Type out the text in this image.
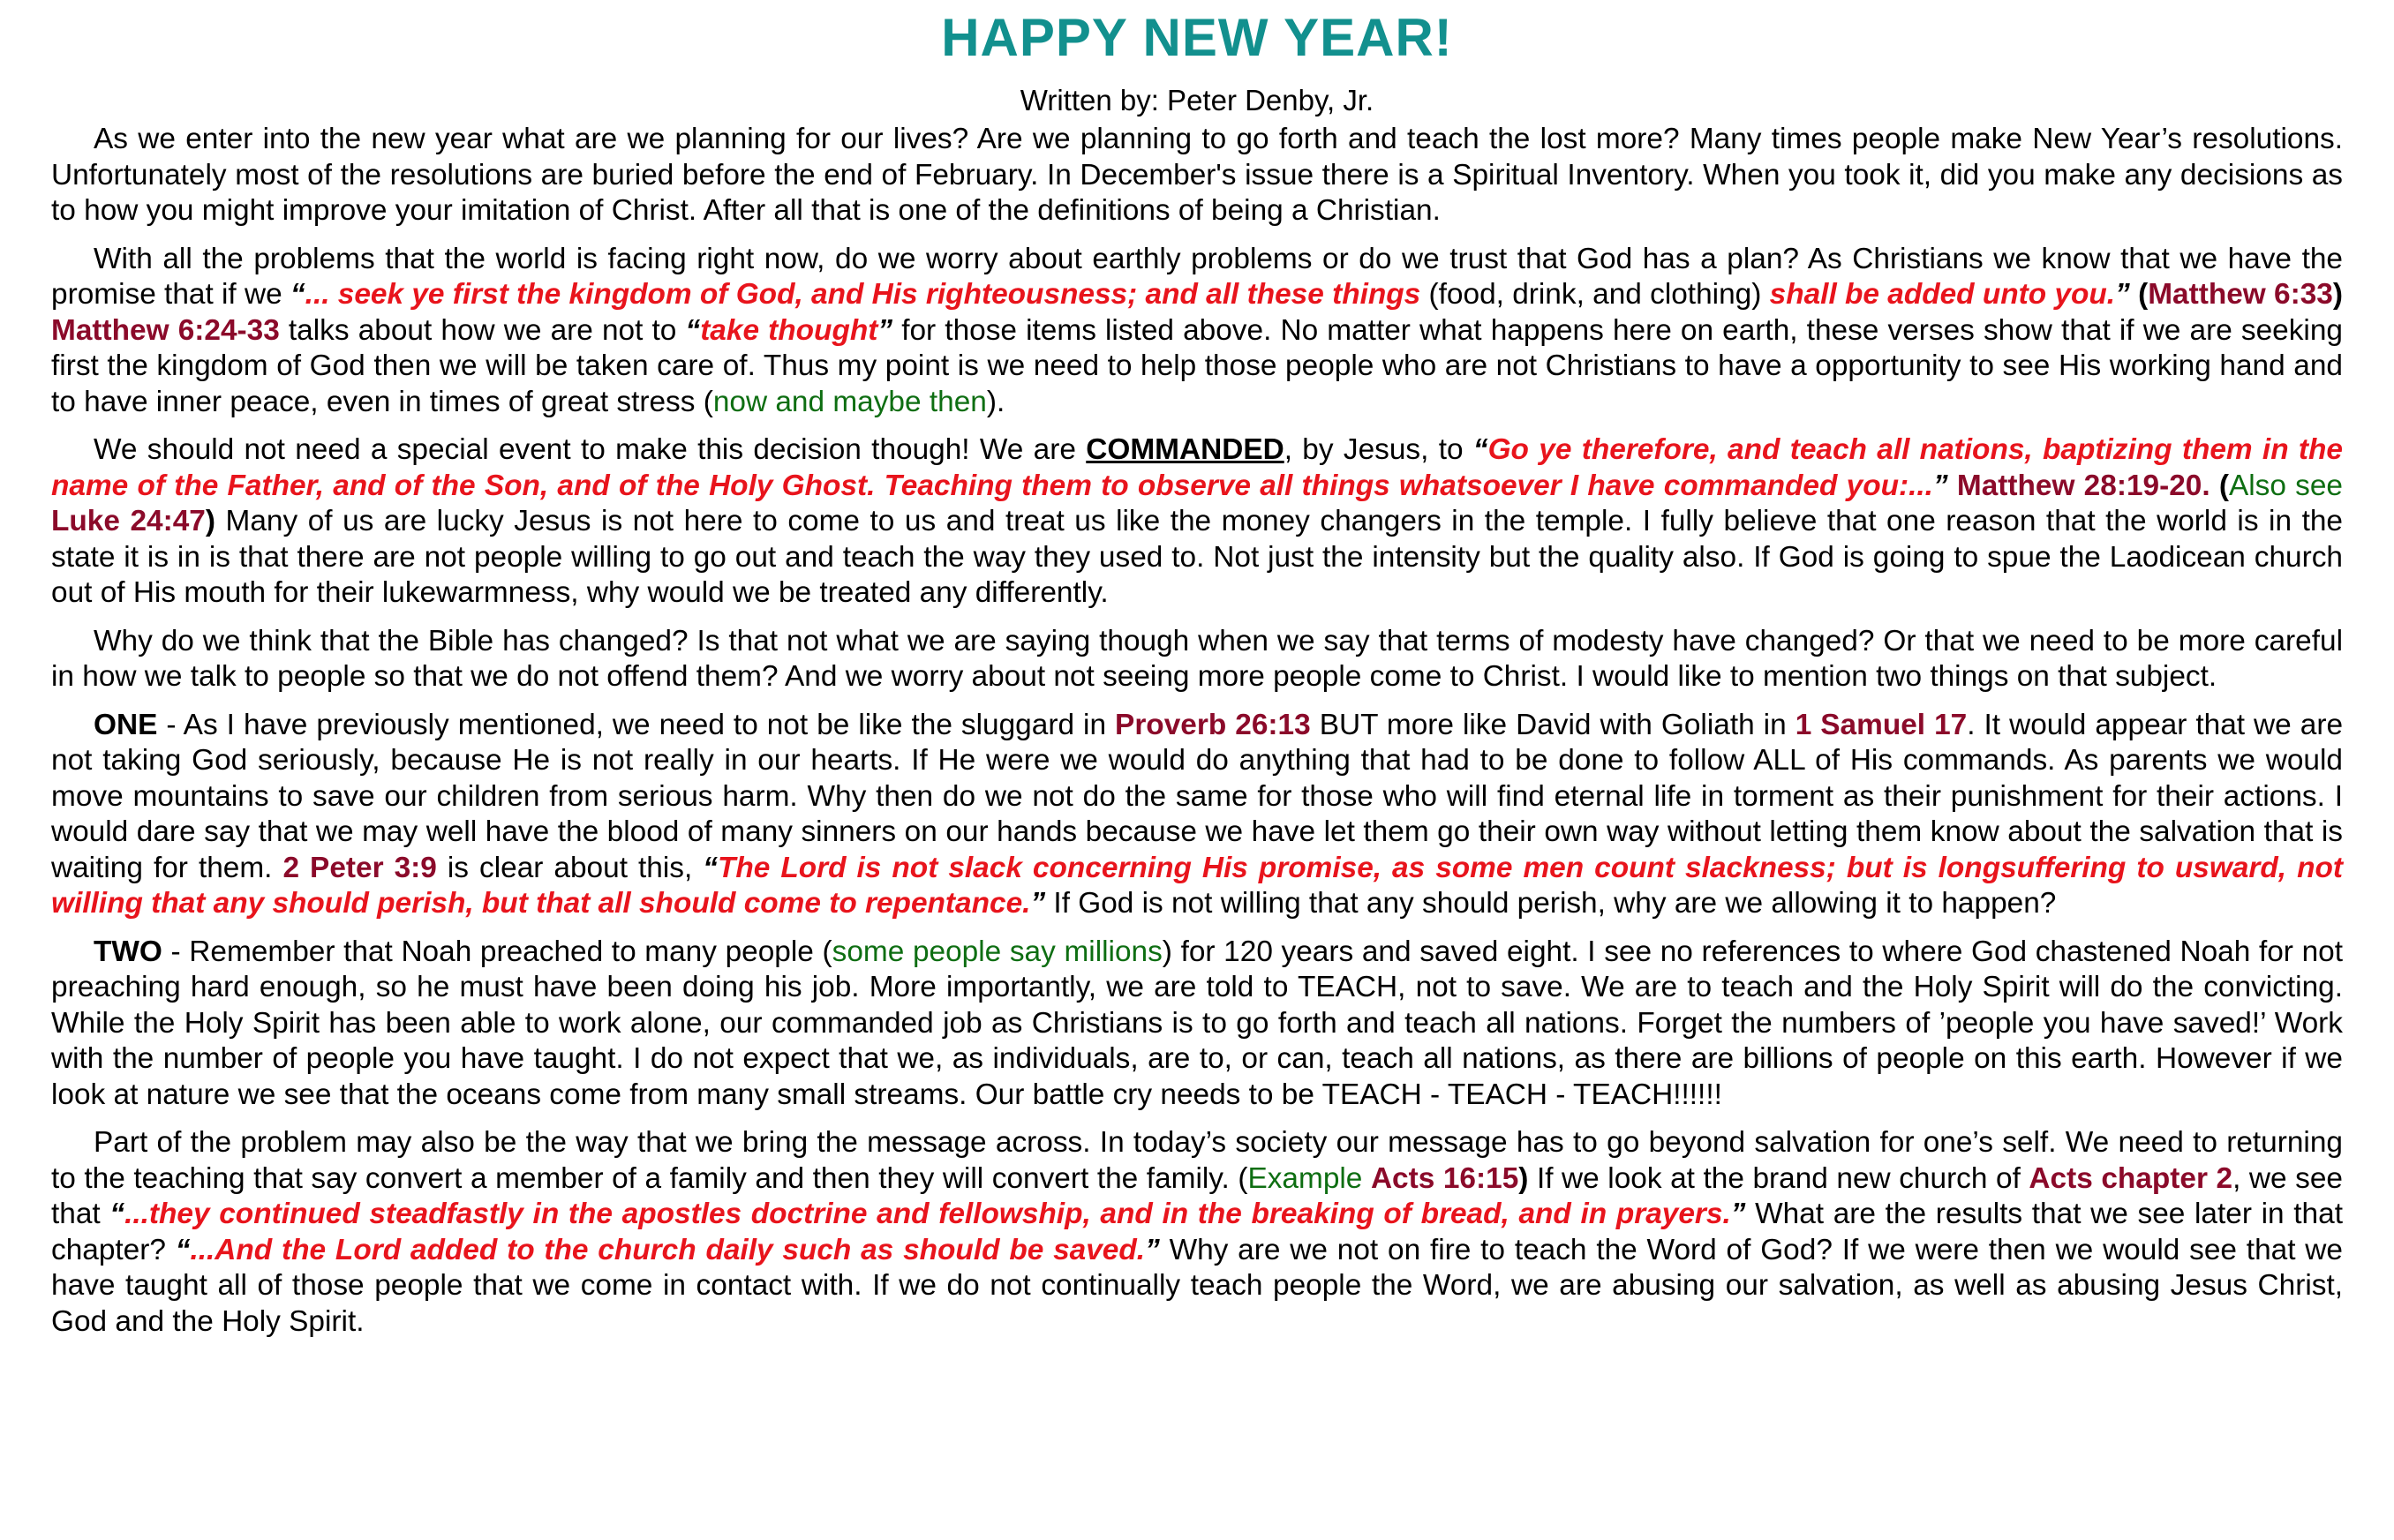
HAPPY NEW YEAR!
Written by: Peter Denby, Jr.

As we enter into the new year what are we planning for our lives? Are we planning to go forth and teach the lost more? Many times people make New Year’s resolutions. Unfortunately most of the resolutions are buried before the end of February. In December's issue there is a Spiritual Inventory. When you took it, did you make any decisions as to how you might improve your imitation of Christ. After all that is one of the definitions of being a Christian.

With all the problems that the world is facing right now, do we worry about earthly problems or do we trust that God has a plan? As Christians we know that we have the promise that if we “... seek ye first the kingdom of God, and His righteousness; and all these things (food, drink, and clothing) shall be added unto you.” (Matthew 6:33) Matthew 6:24-33 talks about how we are not to “take thought” for those items listed above. No matter what happens here on earth, these verses show that if we are seeking first the kingdom of God then we will be taken care of. Thus my point is we need to help those people who are not Christians to have a opportunity to see His working hand and to have inner peace, even in times of great stress (now and maybe then).

We should not need a special event to make this decision though! We are COMMANDED, by Jesus, to “Go ye therefore, and teach all nations, baptizing them in the name of the Father, and of the Son, and of the Holy Ghost. Teaching them to observe all things whatsoever I have commanded you:...” Matthew 28:19-20. (Also see Luke 24:47) Many of us are lucky Jesus is not here to come to us and treat us like the money changers in the temple. I fully believe that one reason that the world is in the state it is in is that there are not people willing to go out and teach the way they used to. Not just the intensity but the quality also. If God is going to spue the Laodicean church out of His mouth for their lukewarmness, why would we be treated any differently.

Why do we think that the Bible has changed? Is that not what we are saying though when we say that terms of modesty have changed? Or that we need to be more careful in how we talk to people so that we do not offend them? And we worry about not seeing more people come to Christ. I would like to mention two things on that subject.

ONE - As I have previously mentioned, we need to not be like the sluggard in Proverb 26:13 BUT more like David with Goliath in 1 Samuel 17. It would appear that we are not taking God seriously, because He is not really in our hearts. If He were we would do anything that had to be done to follow ALL of His commands. As parents we would move mountains to save our children from serious harm. Why then do we not do the same for those who will find eternal life in torment as their punishment for their actions. I would dare say that we may well have the blood of many sinners on our hands because we have let them go their own way without letting them know about the salvation that is waiting for them. 2 Peter 3:9 is clear about this, “The Lord is not slack concerning His promise, as some men count slackness; but is longsuffering to usward, not willing that any should perish, but that all should come to repentance.” If God is not willing that any should perish, why are we allowing it to happen?

TWO - Remember that Noah preached to many people (some people say millions) for 120 years and saved eight. I see no references to where God chastened Noah for not preaching hard enough, so he must have been doing his job. More importantly, we are told to TEACH, not to save. We are to teach and the Holy Spirit will do the convicting. While the Holy Spirit has been able to work alone, our commanded job as Christians is to go forth and teach all nations. Forget the numbers of ’people you have saved!’ Work with the number of people you have taught. I do not expect that we, as individuals, are to, or can, teach all nations, as there are billions of people on this earth. However if we look at nature we see that the oceans come from many small streams. Our battle cry needs to be TEACH - TEACH - TEACH!!!!!!

Part of the problem may also be the way that we bring the message across. In today’s society our message has to go beyond salvation for one’s self. We need to returning to the teaching that say convert a member of a family and then they will convert the family. (Example Acts 16:15) If we look at the brand new church of Acts chapter 2, we see that “...they continued steadfastly in the apostles doctrine and fellowship, and in the breaking of bread, and in prayers.” What are the results that we see later in that chapter? “...And the Lord added to the church daily such as should be saved.” Why are we not on fire to teach the Word of God? If we were then we would see that we have taught all of those people that we come in contact with. If we do not continually teach people the Word, we are abusing our salvation, as well as abusing Jesus Christ, God and the Holy Spirit.
